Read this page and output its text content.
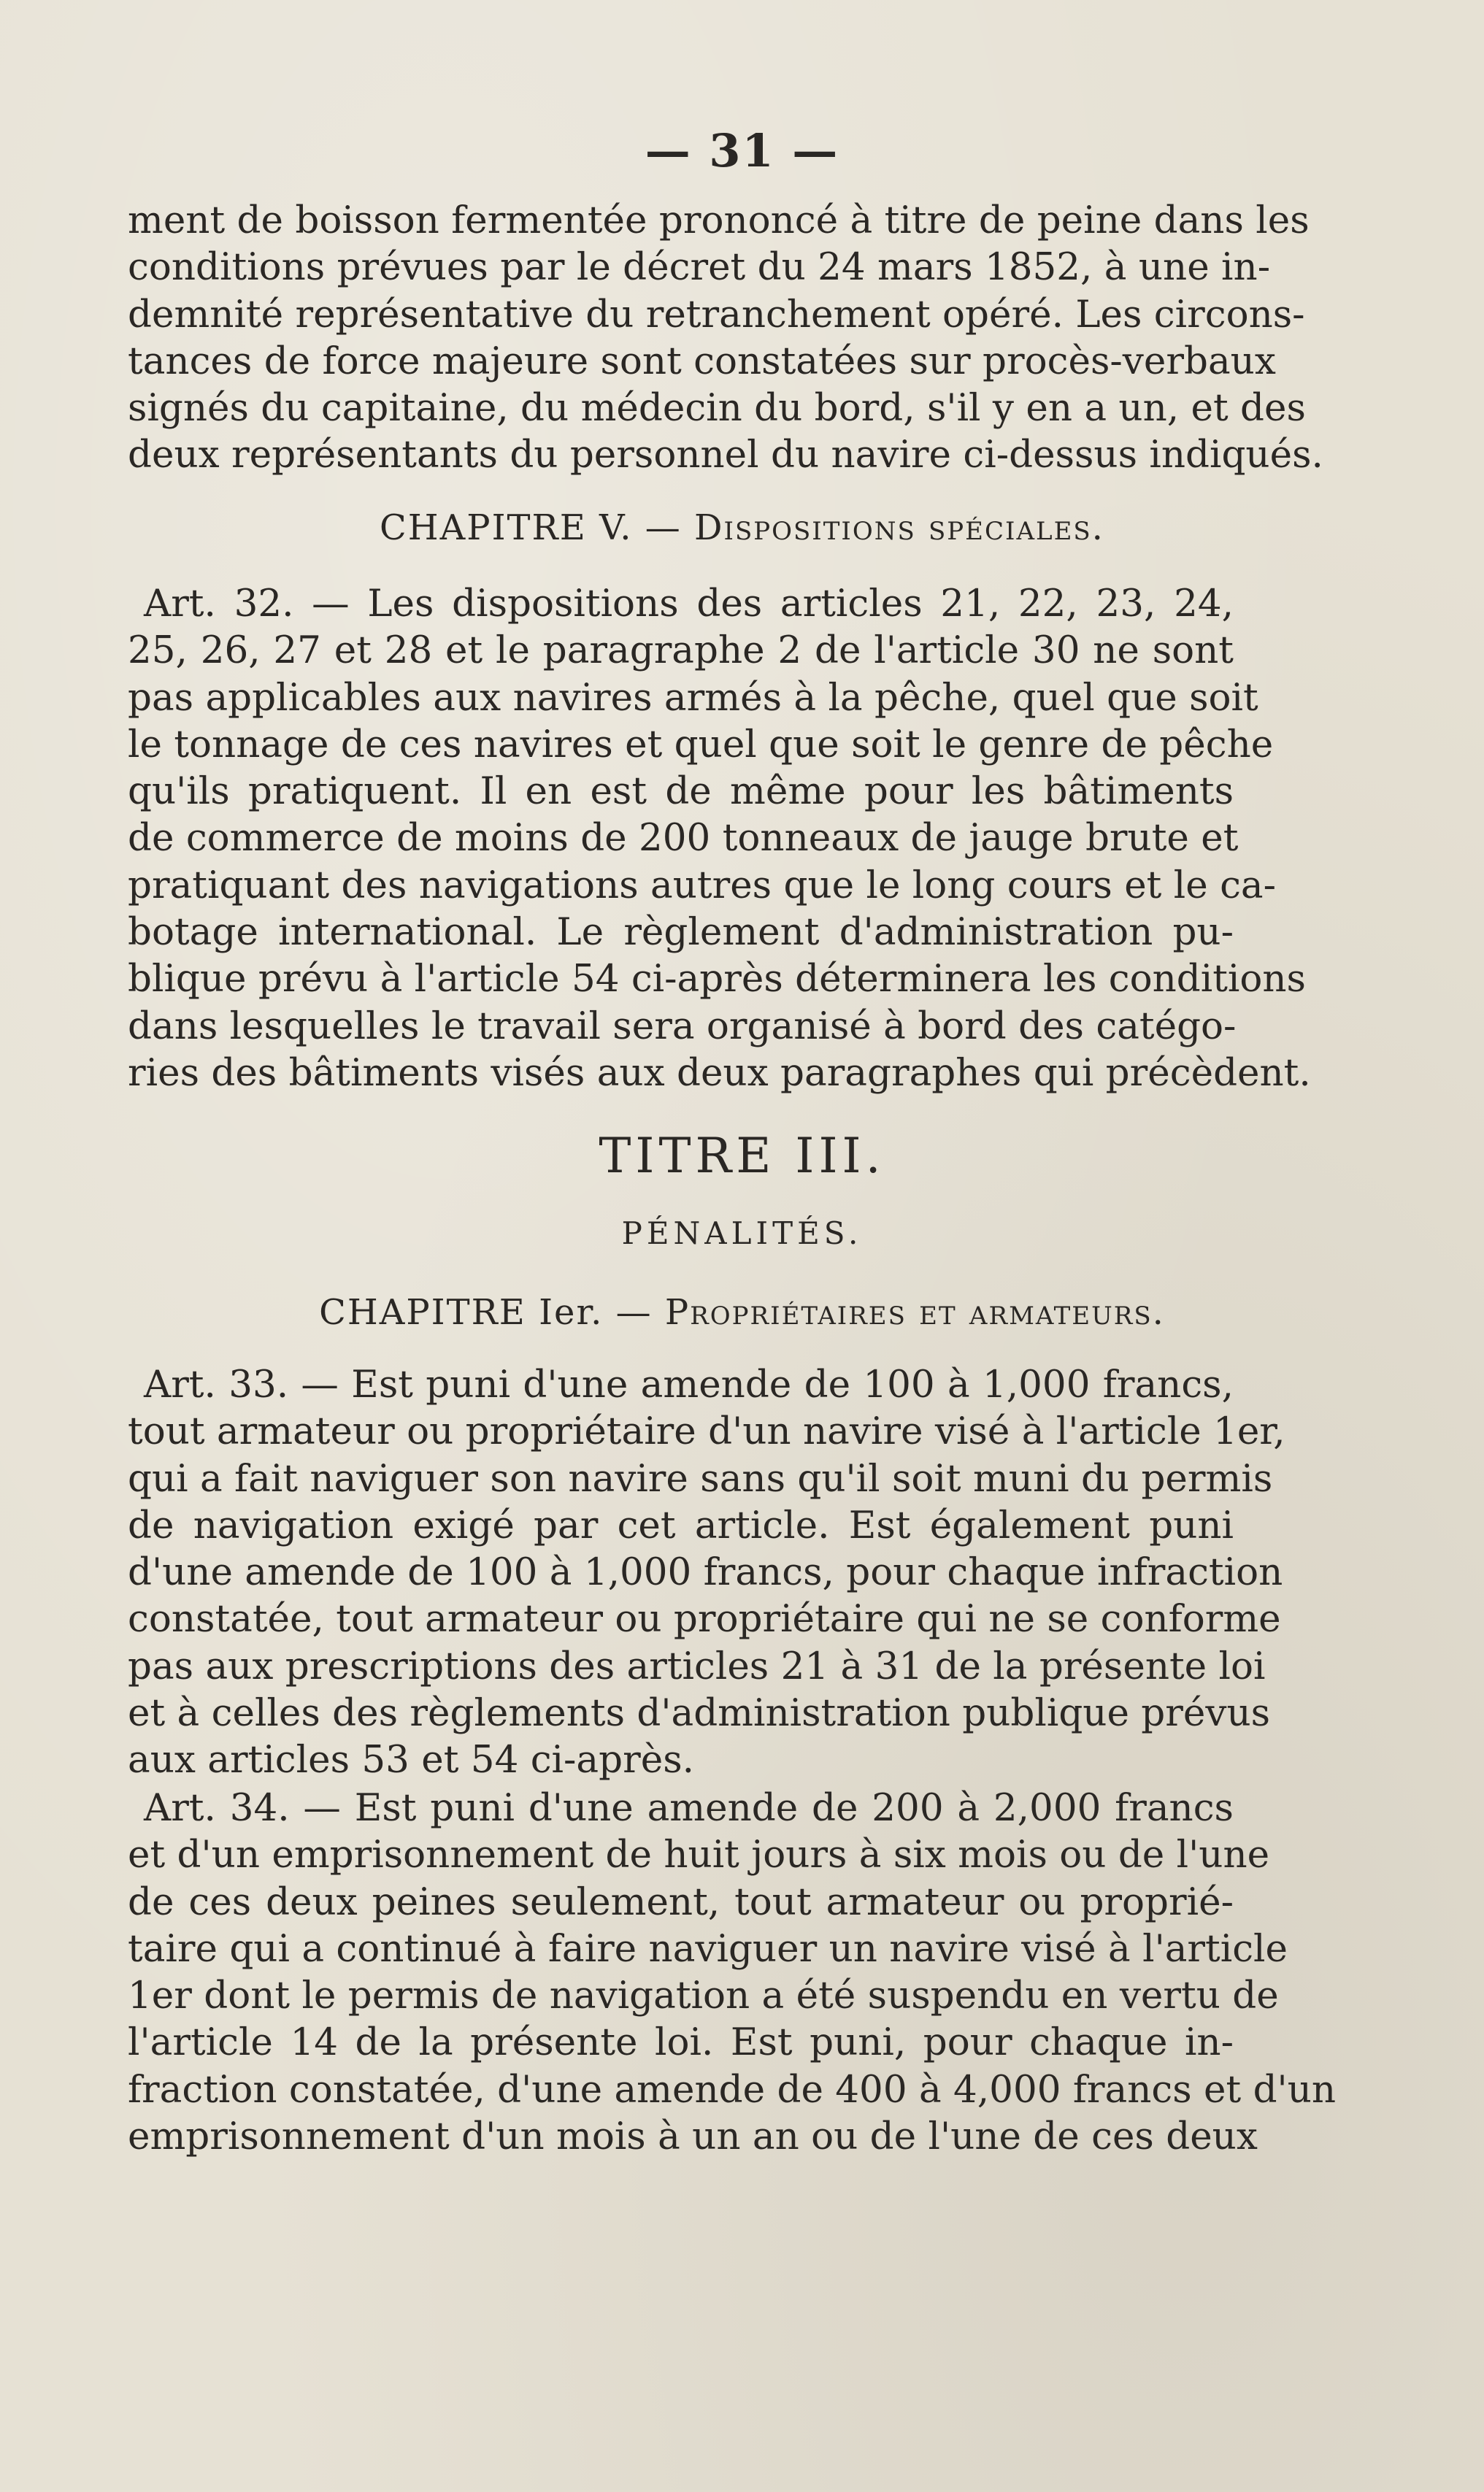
— 31 —
ment de boisson fermentée prononcé à titre de peine dans les
conditions prévues par le décret du 24 mars 1852, à une in-
demnité représentative du retranchement opéré. Les circons-
tances de force majeure sont constatées sur procès-verbaux
signés du capitaine, du médecin du bord, s'il y en a un, et des
deux représentants du personnel du navire ci-dessus indiqués.
CHAPITRE V. — Dispositions spéciales.
Art. 32. — Les dispositions des articles 21, 22, 23, 24,
25, 26, 27 et 28 et le paragraphe 2 de l'article 30 ne sont
pas applicables aux navires armés à la pêche, quel que soit
le tonnage de ces navires et quel que soit le genre de pêche
qu'ils pratiquent. Il en est de même pour les bâtiments
de commerce de moins de 200 tonneaux de jauge brute et
pratiquant des navigations autres que le long cours et le ca-
botage international. Le règlement d'administration pu-
blique prévu à l'article 54 ci-après déterminera les conditions
dans lesquelles le travail sera organisé à bord des catégo-
ries des bâtiments visés aux deux paragraphes qui précèdent.
TITRE III.
PÉNALITÉS.
CHAPITRE Ier. — Propriétaires et armateurs.
Art. 33. — Est puni d'une amende de 100 à 1,000 francs,
tout armateur ou propriétaire d'un navire visé à l'article 1er,
qui a fait naviguer son navire sans qu'il soit muni du permis
de navigation exigé par cet article. Est également puni
d'une amende de 100 à 1,000 francs, pour chaque infraction
constatée, tout armateur ou propriétaire qui ne se conforme
pas aux prescriptions des articles 21 à 31 de la présente loi
et à celles des règlements d'administration publique prévus
aux articles 53 et 54 ci-après.
Art. 34. — Est puni d'une amende de 200 à 2,000 francs
et d'un emprisonnement de huit jours à six mois ou de l'une
de ces deux peines seulement, tout armateur ou proprié-
taire qui a continué à faire naviguer un navire visé à l'article
1er dont le permis de navigation a été suspendu en vertu de
l'article 14 de la présente loi. Est puni, pour chaque in-
fraction constatée, d'une amende de 400 à 4,000 francs et d'un
emprisonnement d'un mois à un an ou de l'une de ces deux
